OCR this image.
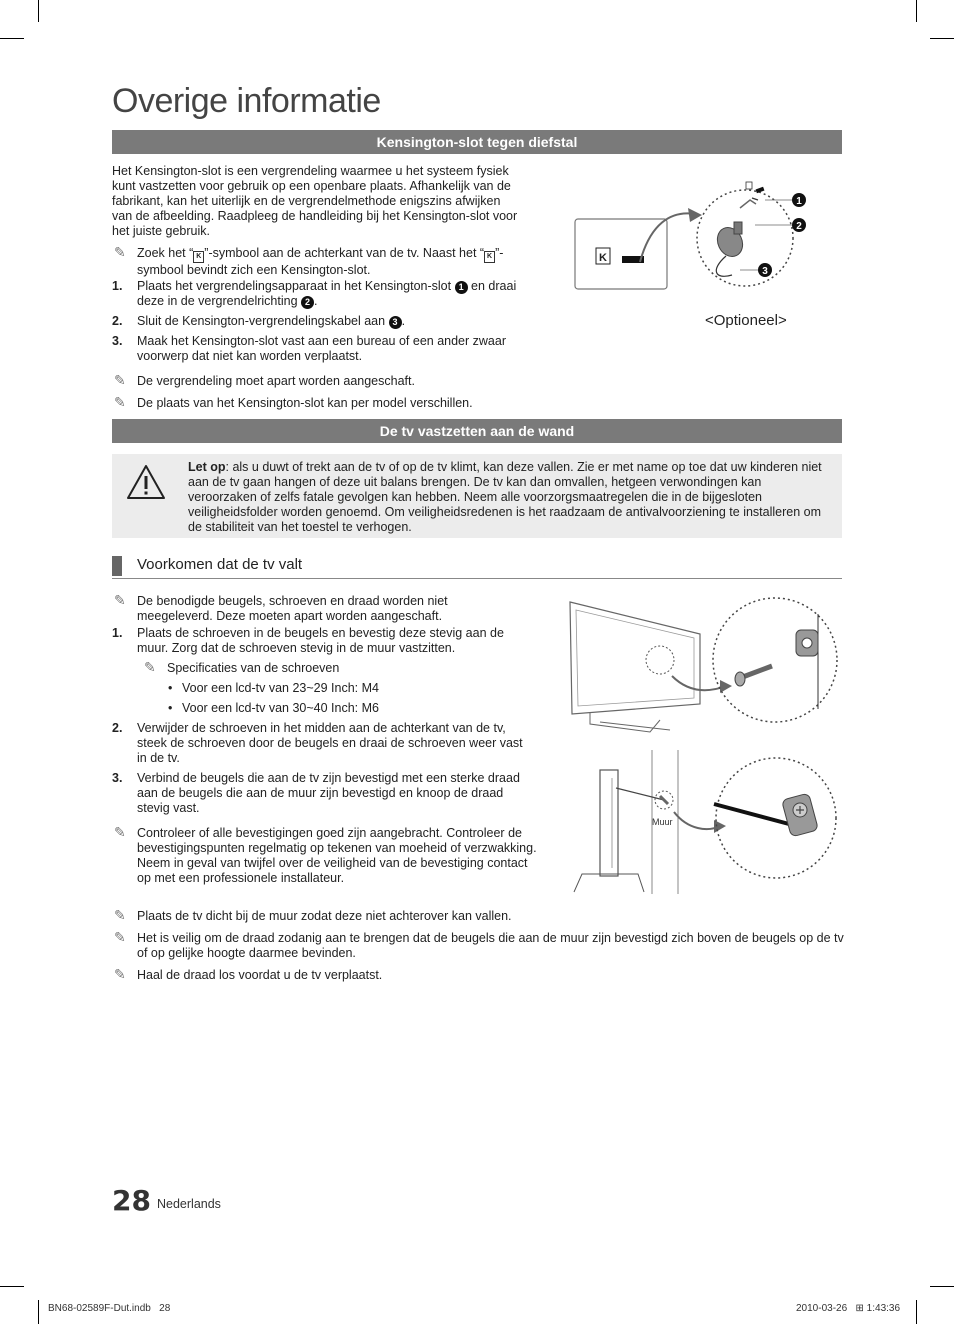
Overige informatie
Kensington-slot tegen diefstal
Het Kensington-slot is een vergrendeling waarmee u het systeem fysiek kunt vastzetten voor gebruik op een openbare plaats. Afhankelijk van de fabrikant, kan het uiterlijk en de vergrendelmethode enigszins afwijken van de afbeelding. Raadpleeg de handleiding bij het Kensington-slot voor het juiste gebruik.
✎ Zoek het “ K ”-symbool aan de achterkant van de tv. Naast het “ K ”-symbool bevindt zich een Kensington-slot.
1. Plaats het vergrendelingsapparaat in het Kensington-slot 1 en draai deze in de vergrendelrichting 2 .
2. Sluit de Kensington-vergrendelingskabel aan 3 .
3. Maak het Kensington-slot vast aan een bureau of een ander zwaar voorwerp dat niet kan worden verplaatst.
✎ De vergrendeling moet apart worden aangeschaft.
✎ De plaats van het Kensington-slot kan per model verschillen.
K
1
2
3
<Optioneel>
De tv vastzetten aan de wand
Let op: als u duwt of trekt aan de tv of op de tv klimt, kan deze vallen. Zie er met name op toe dat uw kinderen niet aan de tv gaan hangen of deze uit balans brengen. De tv kan dan omvallen, hetgeen verwondingen kan veroorzaken of zelfs fatale gevolgen kan hebben. Neem alle voorzorgsmaatregelen die in de bijgesloten veiligheidsfolder worden genoemd. Om veiligheidsredenen is het raadzaam de antivalvoorziening te installeren om de stabiliteit van het toestel te verhogen.
Voorkomen dat de tv valt
✎ De benodigde beugels, schroeven en draad worden niet meegeleverd. Deze moeten apart worden aangeschaft.
1. Plaats de schroeven in de beugels en bevestig deze stevig aan de muur. Zorg dat de schroeven stevig in de muur vastzitten.
✎ Specificaties van de schroeven
• Voor een lcd-tv van 23~29 Inch: M4
• Voor een lcd-tv van 30~40 Inch: M6
2. Verwijder de schroeven in het midden aan de achterkant van de tv, steek de schroeven door de beugels en draai de schroeven weer vast in de tv.
3. Verbind de beugels die aan de tv zijn bevestigd met een sterke draad aan de beugels die aan de muur zijn bevestigd en knoop de draad stevig vast.
✎ Controleer of alle bevestigingen goed zijn aangebracht. Controleer de bevestigingspunten regelmatig op tekenen van moeheid of verzwakking. Neem in geval van twijfel over de veiligheid van de bevestiging contact op met een professionele installateur.
✎ Plaats de tv dicht bij de muur zodat deze niet achterover kan vallen.
✎ Het is veilig om de draad zodanig aan te brengen dat de beugels die aan de muur zijn bevestigd zich boven de beugels op de tv of op gelijke hoogte daarmee bevinden.
✎ Haal de draad los voordat u de tv verplaatst.
Muur
28 Nederlands
BN68-02589F-Dut.indb   28	2010-03-26 ⊞ 1:43:36
